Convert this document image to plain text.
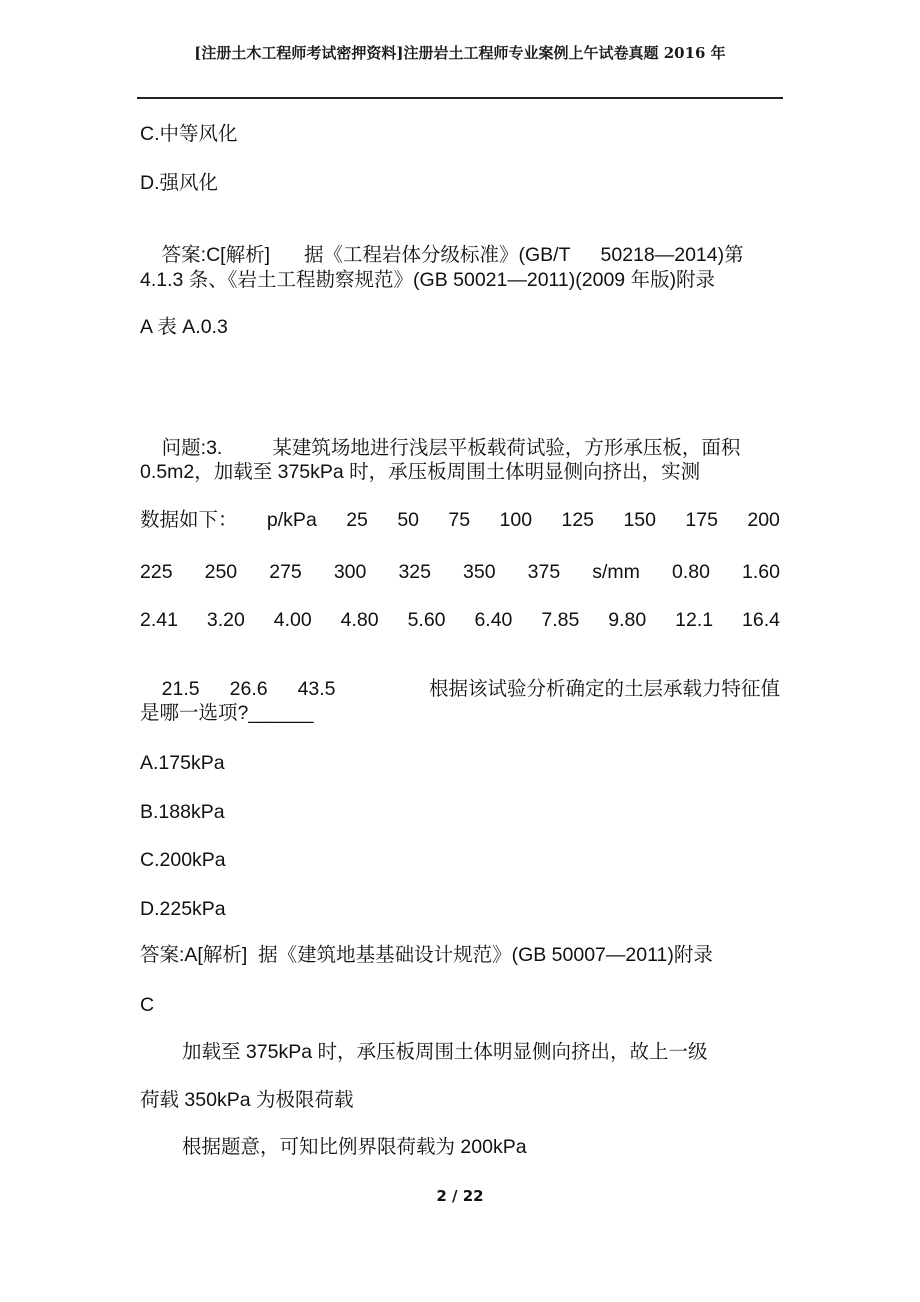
[注册土木工程师考试密押资料]注册岩土工程师专业案例上午试卷真题 2016 年
C.中等风化
D.强风化

答案:C[解析] 据《工程岩体分级标准》(GB/T 50218—2014)第

4.1.3 条、《岩土工程勘察规范》(GB 50021—2011)(2009 年版)附录
A 表 A.0.3

问题:3.	某建筑场地进行浅层平板载荷试验，方形承压板，面积

0.5m2，加载至 375kPa 时，承压板周围土体明显侧向挤出，实测
数据如下： p/kPa 25 50 75 100 125 150 175 200
225 250 275 300 325 350 375 s/mm 0.80 1.60
2.41 3.20 4.00 4.80 5.60 6.40 7.85 9.80 12.1 16.4

21.5 26.6 43.5	根据该试验分析确定的土层承载力特征值

是哪一选项?______
A.175kPa
B.188kPa
C.200kPa
D.225kPa
答案:A[解析]  据《建筑地基基础设计规范》(GB 50007—2011)附录
C
加载至 375kPa 时，承压板周围土体明显侧向挤出，故上一级
荷载 350kPa 为极限荷载
根据题意，可知比例界限荷载为 200kPa
2 / 22
